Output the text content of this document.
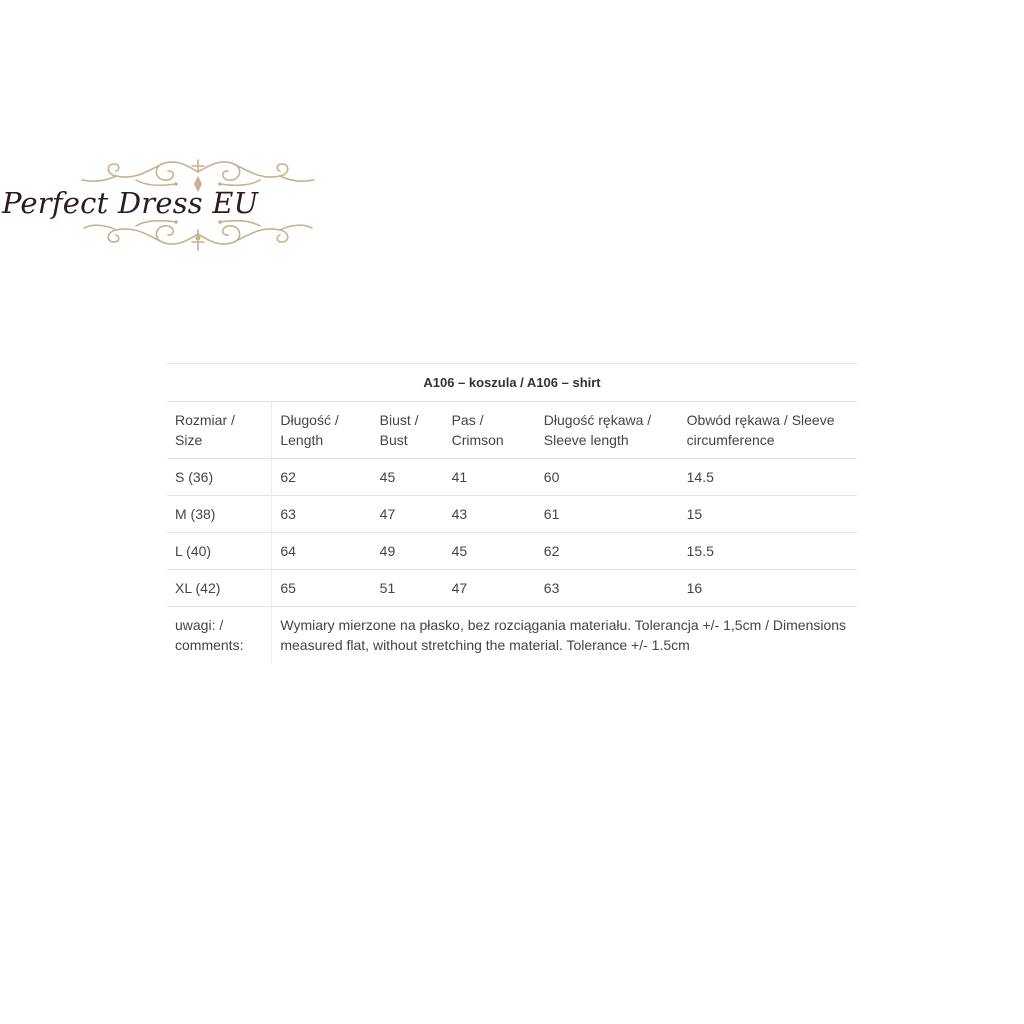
Perfect Dress EU
A106 – koszula / A106 – shirt					
Rozmiar / Size	Długość / Length	Biust / Bust	Pas / Crimson	Długość rękawa / Sleeve length	Obwód rękawa / Sleeve circumference
S (36)	62	45	41	60	14.5
M (38)	63	47	43	61	15
L (40)	64	49	45	62	15.5
XL (42)	65	51	47	63	16
uwagi: / comments:	Wymiary mierzone na płasko, bez rozciągania materiału. Tolerancja +/- 1,5cm / Dimensions measured flat, without stretching the material. Tolerance +/- 1.5cm				
